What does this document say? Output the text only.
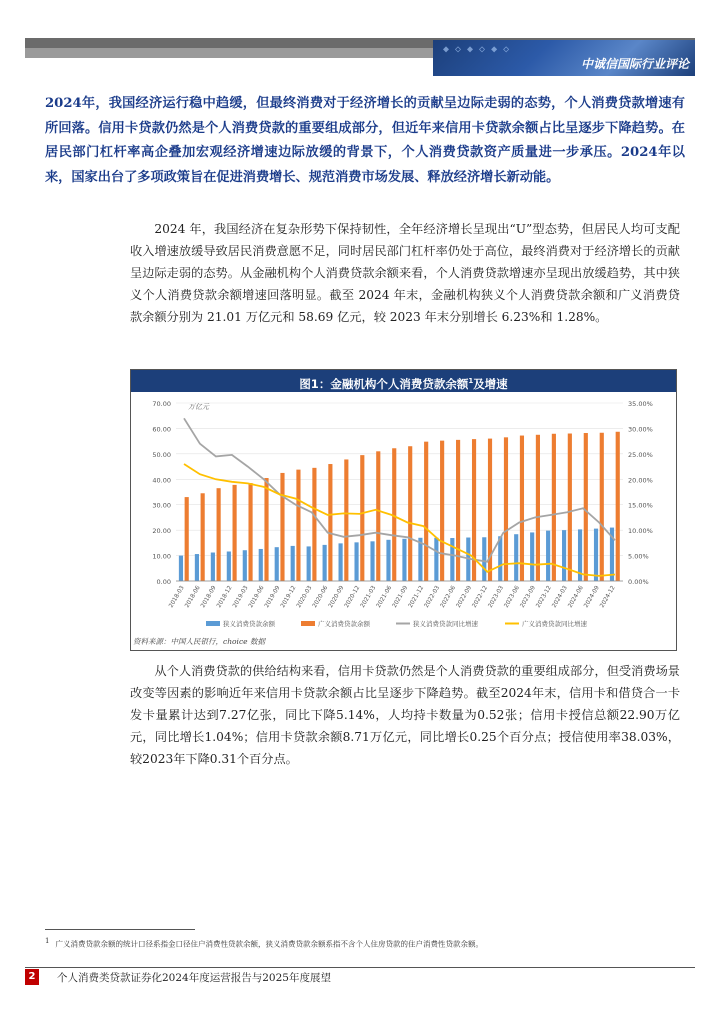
◆◇◆◇◆◇
中诚信国际行业评论

2024年，我国经济运行稳中趋缓，但最终消费对于经济增长的贡献呈边际走弱的态势，个人消费贷款增速有所回落。信用卡贷款仍然是个人消费贷款的重要组成部分，但近年来信用卡贷款余额占比呈逐步下降趋势。在居民部门杠杆率高企叠加宏观经济增速边际放缓的背景下，个人消费贷款资产质量进一步承压。2024年以来，国家出台了多项政策旨在促进消费增长、规范消费市场发展、释放经济增长新动能。

2024 年，我国经济在复杂形势下保持韧性，全年经济增长呈现出“U”型态势，但居民人均可支配收入增速放缓导致居民消费意愿不足，同时居民部门杠杆率仍处于高位，最终消费对于经济增长的贡献呈边际走弱的态势。从金融机构个人消费贷款余额来看，个人消费贷款增速亦呈现出放缓趋势，其中狭义个人消费贷款余额增速回落明显。截至 2024 年末，金融机构狭义个人消费贷款余额和广义消费贷款余额分别为 21.01 万亿元和 58.69 亿元，较 2023 年末分别增长 6.23%和 1.28%。

图1：金融机构个人消费贷款余额$^1$及增速
70.00
60.00
50.00
40.00
30.00
20.00
10.00
0.00
35.00%
30.00%
25.00%
20.00%
15.00%
10.00%
5.00%
0.00%
万亿元
2018-03
2018-06
2018-09
2018-12
2019-03
2019-06
2019-09
2019-12
2020-03
2020-06
2020-09
2020-12
2021-03
2021-06
2021-09
2021-12
2022-03
2022-06
2022-09
2022-12
2023-03
2023-06
2023-09
2023-12
2024-03
2024-06
2024-09
2024-12
狭义消费贷款余额	广义消费贷款余额	狭义消费贷款同比增速	广义消费贷款同比增速
资料来源：中国人民银行，choice 数据

从个人消费贷款的供给结构来看，信用卡贷款仍然是个人消费贷款的重要组成部分，但受消费场景改变等因素的影响近年来信用卡贷款余额占比呈逐步下降趋势。截至2024年末，信用卡和借贷合一卡发卡量累计达到7.27亿张，同比下降5.14%，人均持卡数量为0.52张；信用卡授信总额22.90万亿元，同比增长1.04%；信用卡贷款余额8.71万亿元，同比增长0.25个百分点；授信使用率38.03%，较2023年下降0.31个百分点。

$^1$ 广义消费贷款余额的统计口径系指金口径住户消费性贷款余额，狭义消费贷款余额系指不含个人住房贷款的住户消费性贷款余额。
2	个人消费类贷款证券化2024年度运营报告与2025年度展望
